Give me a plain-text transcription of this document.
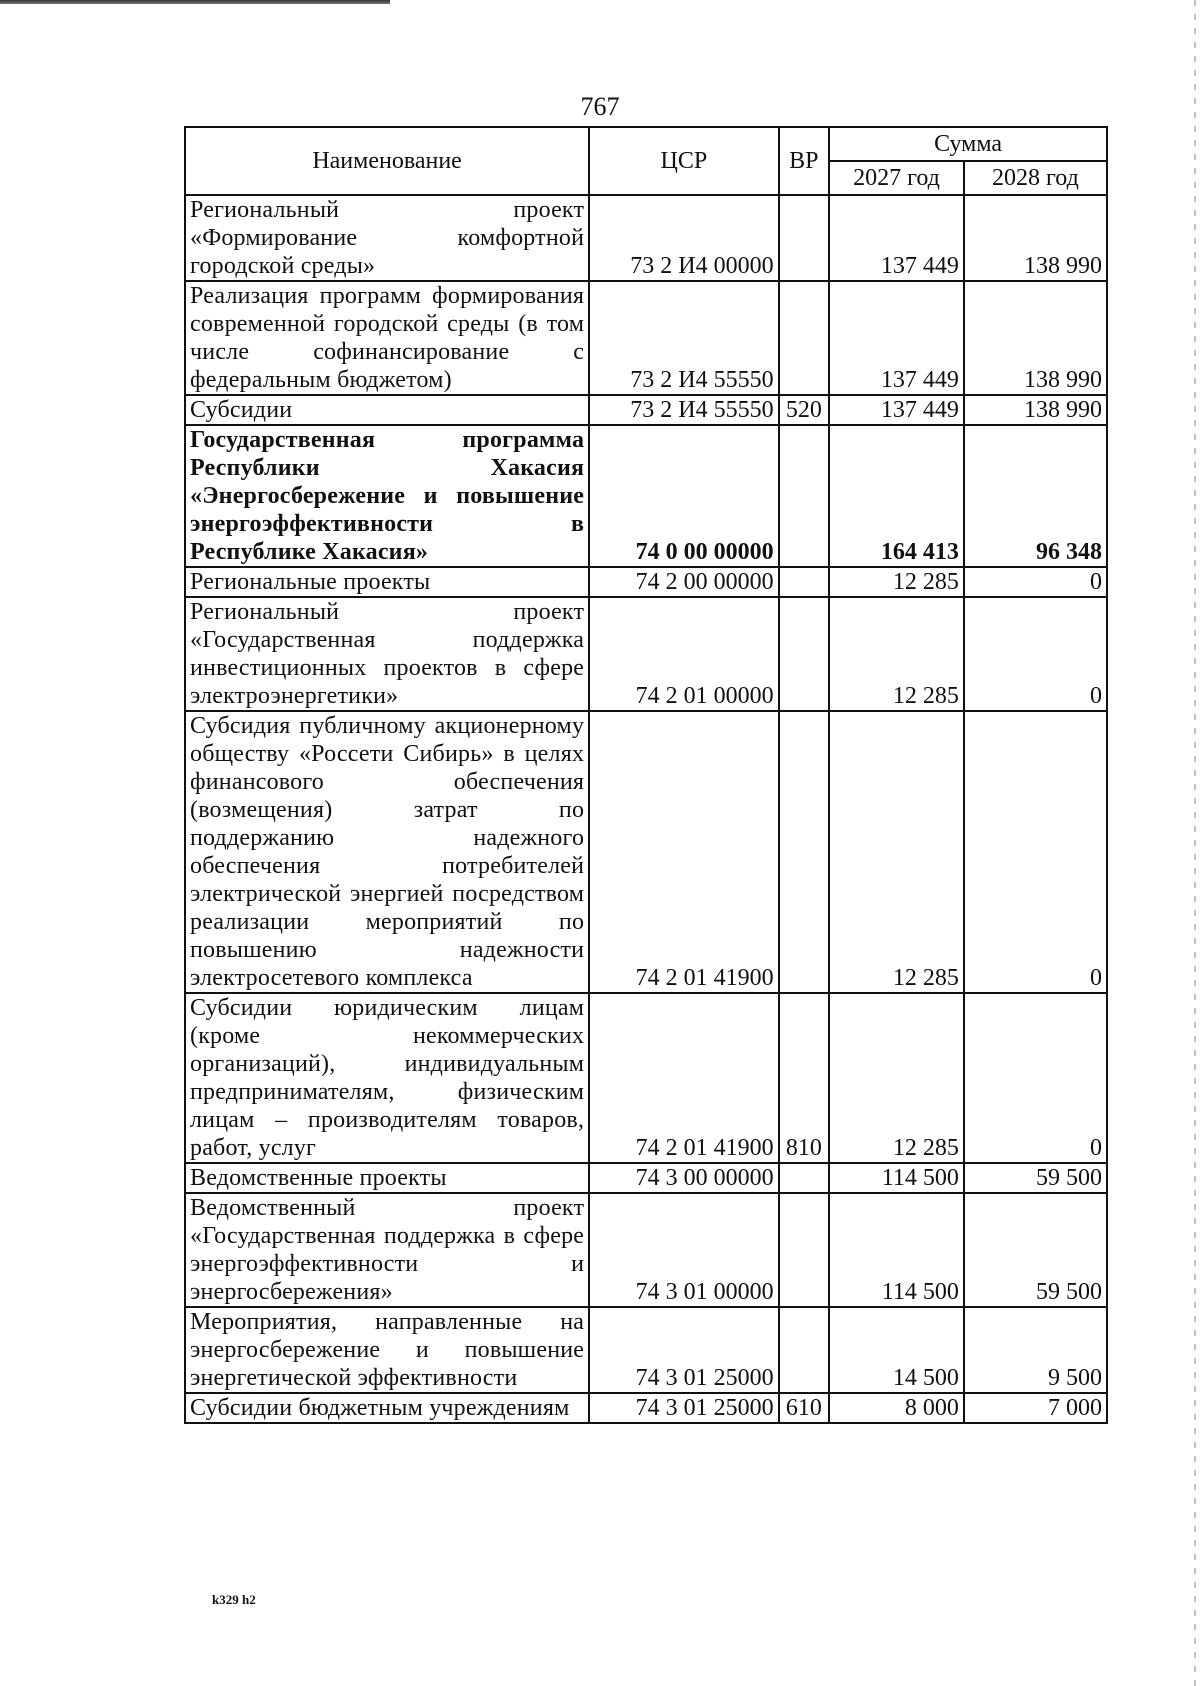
767
Наименование	ЦСР	ВР	Сумма	
			2027 год	2028 год
Региональный проект «Формирование комфортной городской среды»	73 2 И4 00000		137 449	138 990
Реализация программ формирования современной городской среды (в том числе софинансирование с федеральным бюджетом)	73 2 И4 55550		137 449	138 990
Субсидии	73 2 И4 55550	520	137 449	138 990
Государственная программа Республики Хакасия «Энергосбережение и повышение энергоэффективности в Республике Хакасия»	74 0 00 00000		164 413	96 348
Региональные проекты	74 2 00 00000		12 285	0
Региональный проект «Государственная поддержка инвестиционных проектов в сфере электроэнергетики»	74 2 01 00000		12 285	0
Субсидия публичному акционерному обществу «Россети Сибирь» в целях финансового обеспечения (возмещения) затрат по поддержанию надежного обеспечения потребителей электрической энергией посредством реализации мероприятий по повышению надежности электросетевого комплекса	74 2 01 41900		12 285	0
Субсидии юридическим лицам (кроме некоммерческих организаций), индивидуальным предпринимателям, физическим лицам – производителям товаров, работ, услуг	74 2 01 41900	810	12 285	0
Ведомственные проекты	74 3 00 00000		114 500	59 500
Ведомственный проект «Государственная поддержка в сфере энергоэффективности и энергосбережения»	74 3 01 00000		114 500	59 500
Мероприятия, направленные на энергосбережение и повышение энергетической эффективности	74 3 01 25000		14 500	9 500
Субсидии бюджетным учреждениям	74 3 01 25000	610	8 000	7 000
k329 h2
